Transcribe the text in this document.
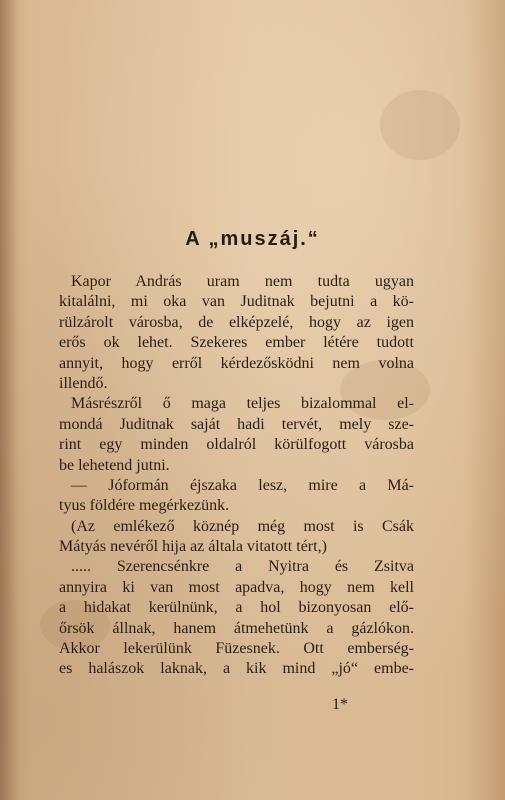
A „muszáj.“
Kapor András uram nem tudta ugyan
kitalálni, mi oka van Juditnak bejutni a kö-
rülzárolt városba, de elképzelé, hogy az igen
erős ok lehet. Szekeres ember létére tudott
annyit, hogy erről kérdezősködni nem volna
illendő.
Másrészről ő maga teljes bizalommal el-
mondá Juditnak saját hadi tervét, mely sze-
rint egy minden oldalról körülfogott városba
be lehetend jutni.
— Jóformán éjszaka lesz, mire a Má-
tyus földére megérkezünk.
(Az emlékező köznép még most is Csák
Mátyás nevéről hija az általa vitatott tért,)
..... Szerencsénkre a Nyitra és Zsitva
annyira ki van most apadva, hogy nem kell
a hidakat kerülnünk, a hol bizonyosan elő-
őrsök állnak, hanem átmehetünk a gázlókon.
Akkor lekerülünk Füzesnek. Ott emberség-
es halászok laknak, a kik mind „jó“ embe-
1*
